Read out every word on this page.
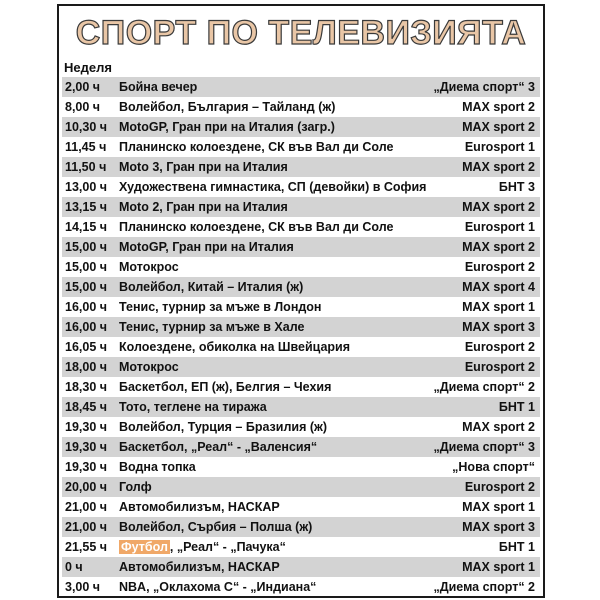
СПОРТ ПО ТЕЛЕВИЗИЯТА
Неделя
2,00 ч Бойна вечер	„Диема спорт“ 3
8,00 ч Волейбол, България – Тайланд (ж)	MAX sport 2
10,30 ч MotoGP, Гран при на Италия (загр.)	MAX sport 2
11,45 ч Планинско колоездене, СК във Вал ди Соле	Eurosport 1
11,50 ч Moto 3, Гран при на Италия	MAX sport 2
13,00 ч Художествена гимнастика, СП (девойки) в София	БНТ 3
13,15 ч Moto 2, Гран при на Италия	MAX sport 2
14,15 ч Планинско колоездене, СК във Вал ди Соле	Eurosport 1
15,00 ч MotoGP, Гран при на Италия	MAX sport 2
15,00 ч Мотокрос	Eurosport 2
15,00 ч Волейбол, Китай – Италия (ж)	MAX sport 4
16,00 ч Тенис, турнир за мъже в Лондон	MAX sport 1
16,00 ч Тенис, турнир за мъже в Хале	MAX sport 3
16,05 ч Колоездене, обиколка на Швейцария	Eurosport 2
18,00 ч Мотокрос	Eurosport 2
18,30 ч Баскетбол, ЕП (ж), Белгия – Чехия	„Диема спорт“ 2
18,45 ч Тото, теглене на тиража	БНТ 1
19,30 ч Волейбол, Турция – Бразилия (ж)	MAX sport 2
19,30 ч Баскетбол, „Реал“ - „Валенсия“	„Диема спорт“ 3
19,30 ч Водна топка	„Нова спорт“
20,00 ч Голф	Eurosport 2
21,00 ч Автомобилизъм, НАСКАР	MAX sport 1
21,00 ч Волейбол, Сърбия – Полша (ж)	MAX sport 3
21,55 ч Футбол , „Реал“ - „Пачука“	БНТ 1
0 ч	Автомобилизъм, НАСКАР	MAX sport 1
3,00 ч NBA, „Оклахома С“ - „Индиана“	„Диема спорт“ 2
